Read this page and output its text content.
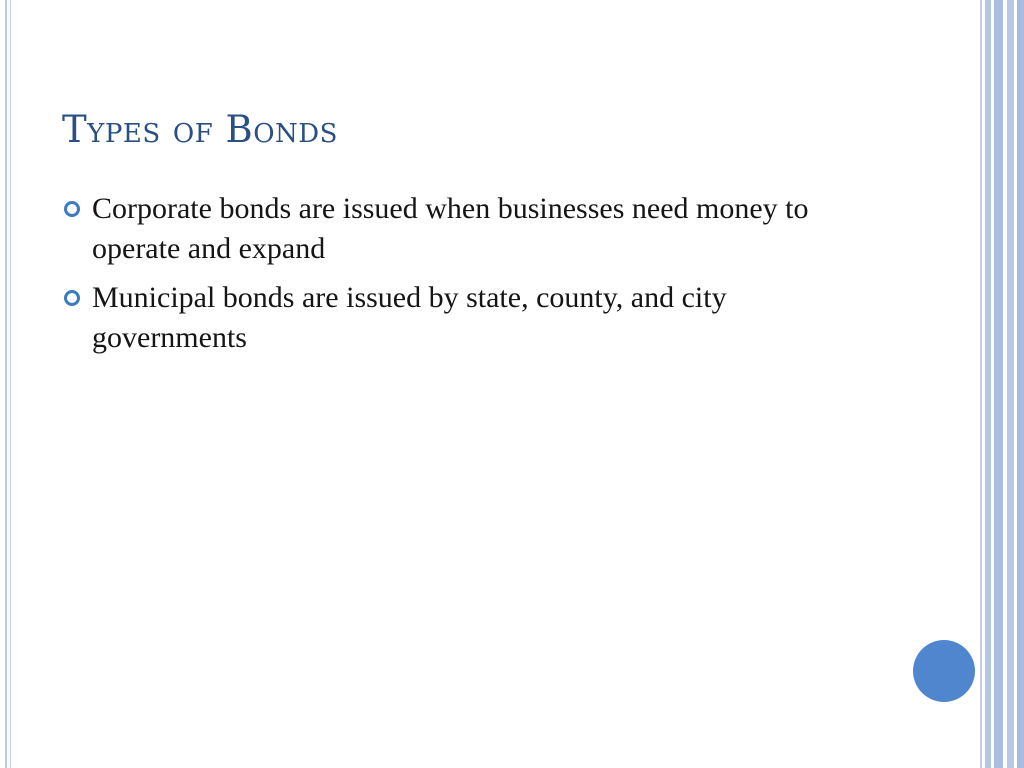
Types of Bonds
Corporate bonds are issued when businesses need money to operate and expand
Municipal bonds are issued by state, county, and city governments
